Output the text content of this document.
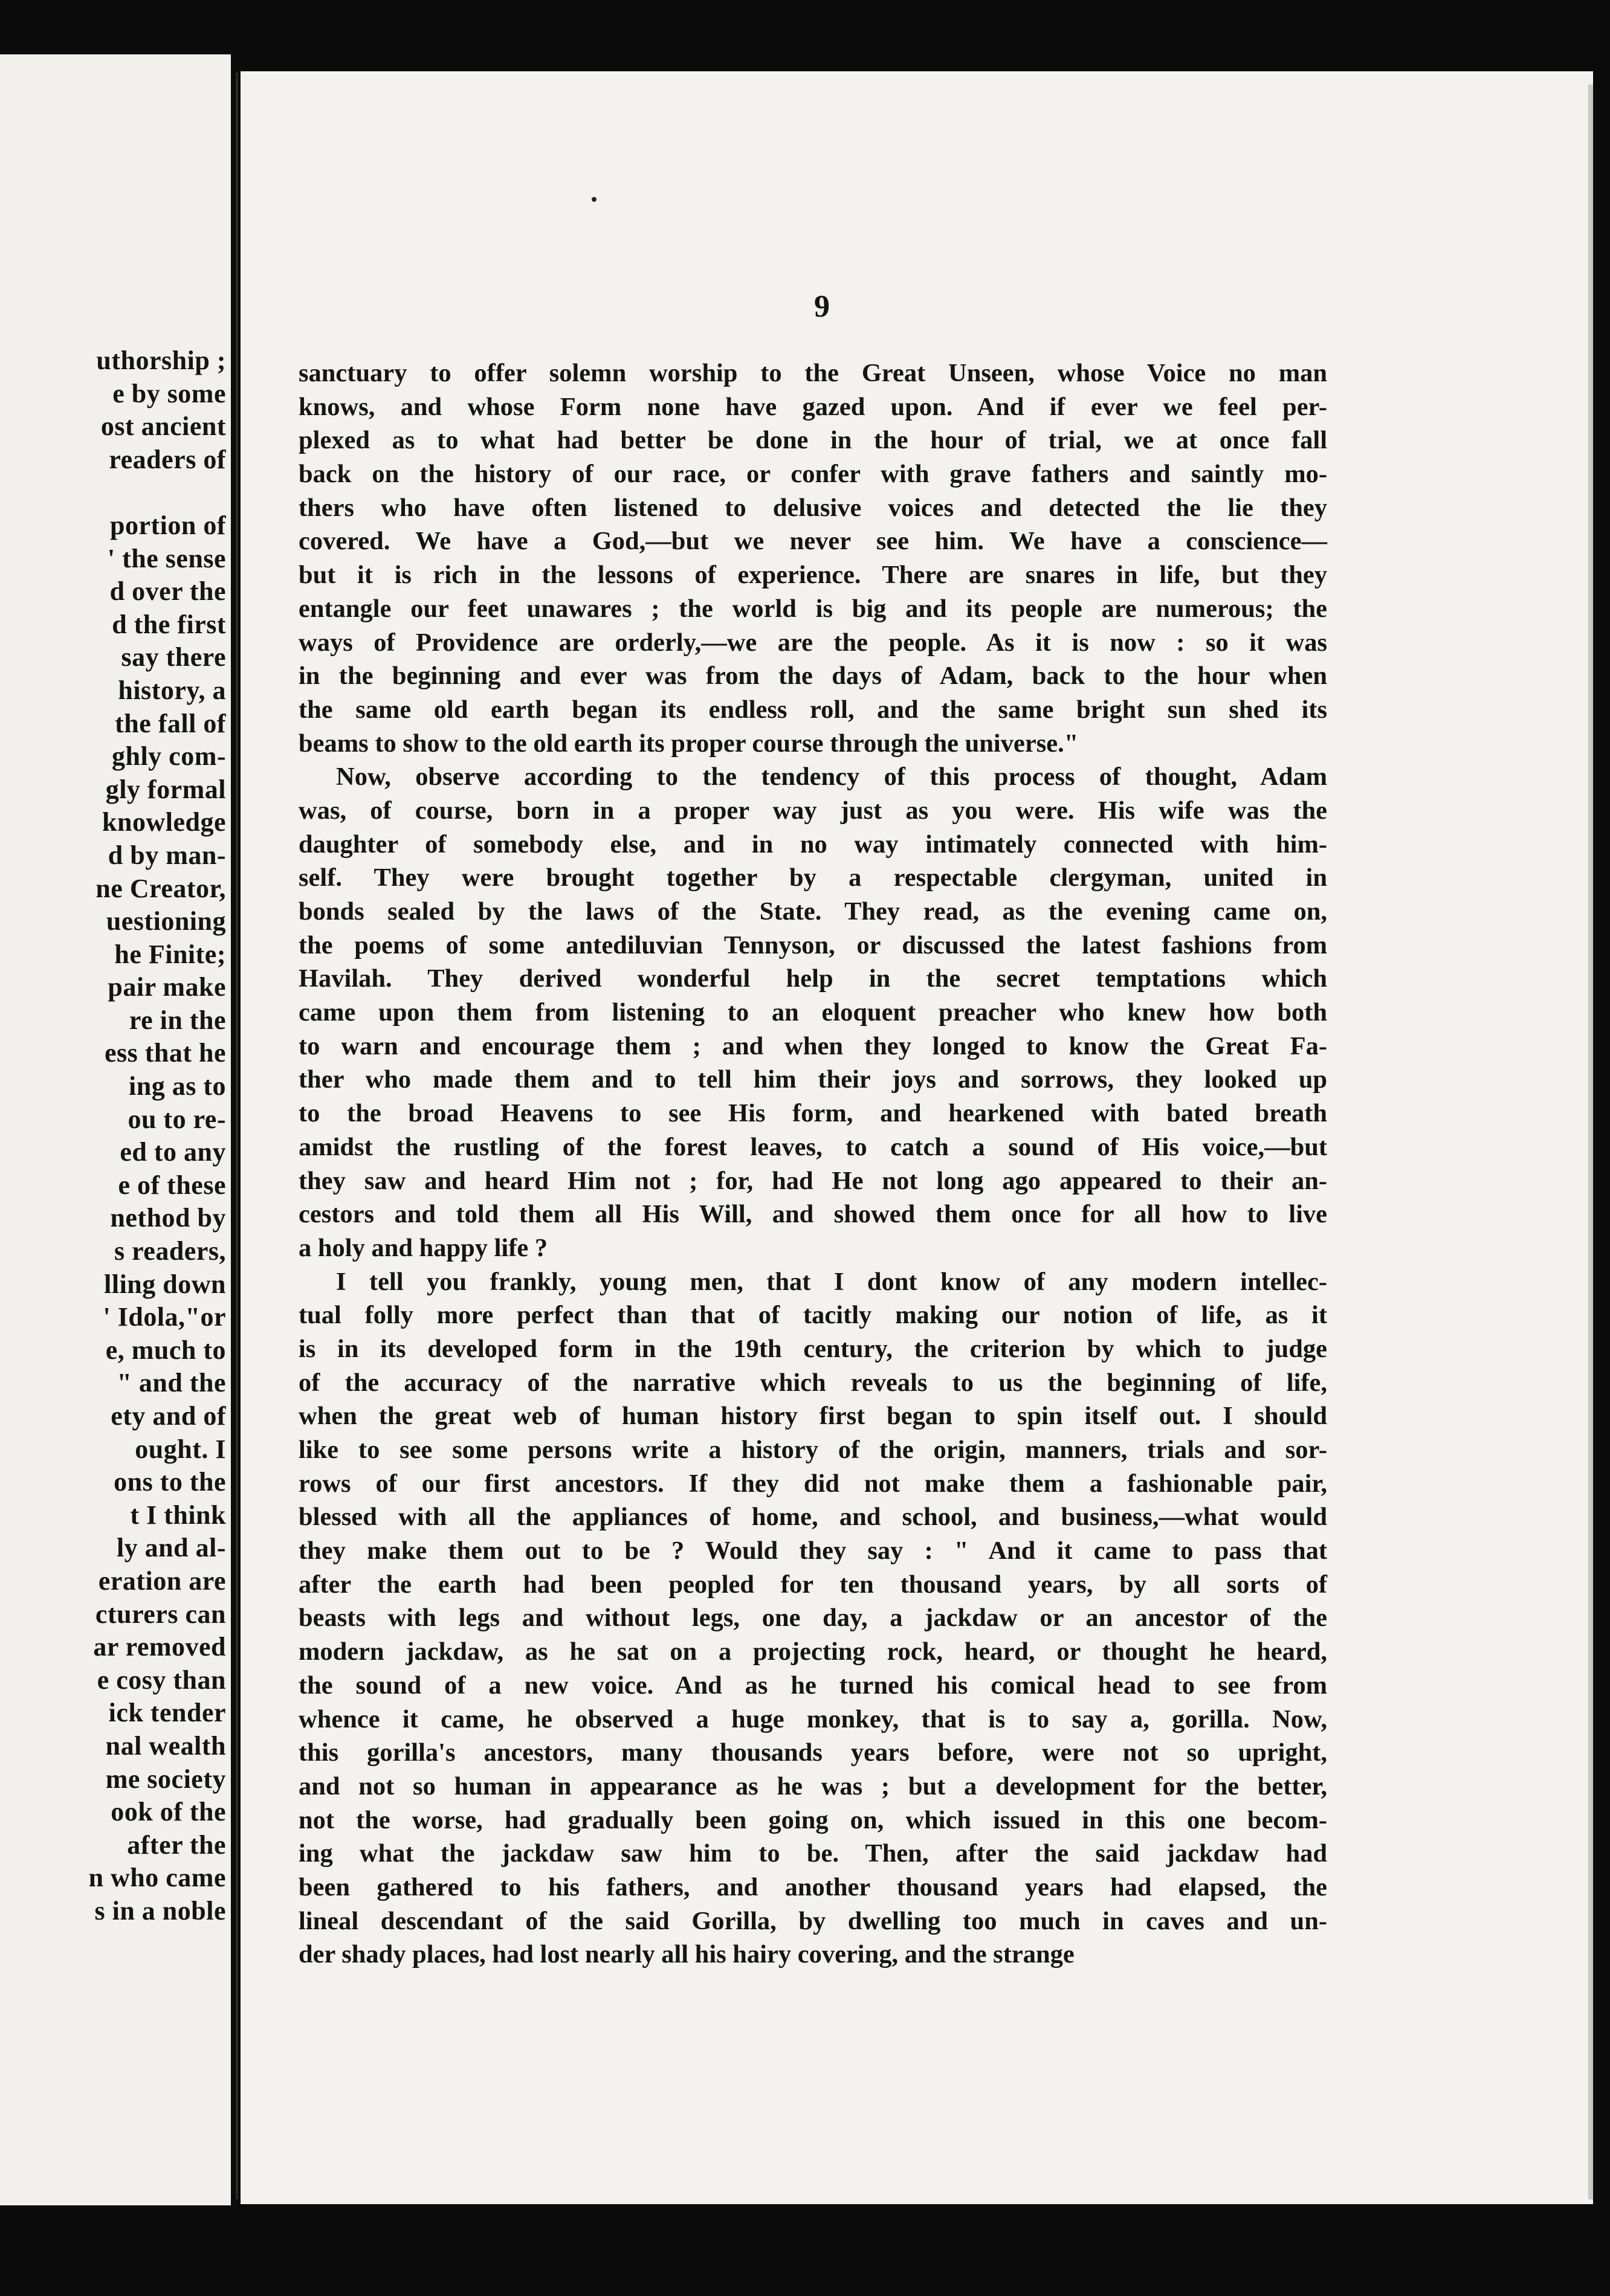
uthorship ;
e by some
ost ancient
readers of

portion of
' the sense
d over the
d the first
say there
history, a
the fall of
ghly com-
gly formal
knowledge
d by man-
ne Creator,
uestioning
he Finite;
pair make
re in the
ess that he
ing as to
ou to re-
ed to any
e of these
nethod by
s readers,
lling down
' Idola,"or
e, much to
" and the
ety and of
ought. I
ons to the
t I think
ly and al-
eration are
cturers can
ar removed
e cosy than
ick tender
nal wealth
me society
ook of the
after the
n who came
s in a noble
9
sanctuary to offer solemn worship to the Great Unseen, whose Voice no man
knows, and whose Form none have gazed upon. And if ever we feel per-
plexed as to what had better be done in the hour of trial, we at once fall
back on the history of our race, or confer with grave fathers and saintly mo-
thers who have often listened to delusive voices and detected the lie they
covered. We have a God,—but we never see him. We have a conscience—
but it is rich in the lessons of experience. There are snares in life, but they
entangle our feet unawares ; the world is big and its people are numerous; the
ways of Providence are orderly,—we are the people. As it is now : so it was
in the beginning and ever was from the days of Adam, back to the hour when
the same old earth began its endless roll, and the same bright sun shed its
beams to show to the old earth its proper course through the universe."
Now, observe according to the tendency of this process of thought, Adam
was, of course, born in a proper way just as you were. His wife was the
daughter of somebody else, and in no way intimately connected with him-
self. They were brought together by a respectable clergyman, united in
bonds sealed by the laws of the State. They read, as the evening came on,
the poems of some antediluvian Tennyson, or discussed the latest fashions from
Havilah. They derived wonderful help in the secret temptations which
came upon them from listening to an eloquent preacher who knew how both
to warn and encourage them ; and when they longed to know the Great Fa-
ther who made them and to tell him their joys and sorrows, they looked up
to the broad Heavens to see His form, and hearkened with bated breath
amidst the rustling of the forest leaves, to catch a sound of His voice,—but
they saw and heard Him not ; for, had He not long ago appeared to their an-
cestors and told them all His Will, and showed them once for all how to live
a holy and happy life ?
I tell you frankly, young men, that I dont know of any modern intellec-
tual folly more perfect than that of tacitly making our notion of life, as it
is in its developed form in the 19th century, the criterion by which to judge
of the accuracy of the narrative which reveals to us the beginning of life,
when the great web of human history first began to spin itself out. I should
like to see some persons write a history of the origin, manners, trials and sor-
rows of our first ancestors. If they did not make them a fashionable pair,
blessed with all the appliances of home, and school, and business,—what would
they make them out to be ? Would they say : " And it came to pass that
after the earth had been peopled for ten thousand years, by all sorts of
beasts with legs and without legs, one day, a jackdaw or an ancestor of the
modern jackdaw, as he sat on a projecting rock, heard, or thought he heard,
the sound of a new voice. And as he turned his comical head to see from
whence it came, he observed a huge monkey, that is to say a, gorilla. Now,
this gorilla's ancestors, many thousands years before, were not so upright,
and not so human in appearance as he was ; but a development for the better,
not the worse, had gradually been going on, which issued in this one becom-
ing what the jackdaw saw him to be. Then, after the said jackdaw had
been gathered to his fathers, and another thousand years had elapsed, the
lineal descendant of the said Gorilla, by dwelling too much in caves and un-
der shady places, had lost nearly all his hairy covering, and the strange
